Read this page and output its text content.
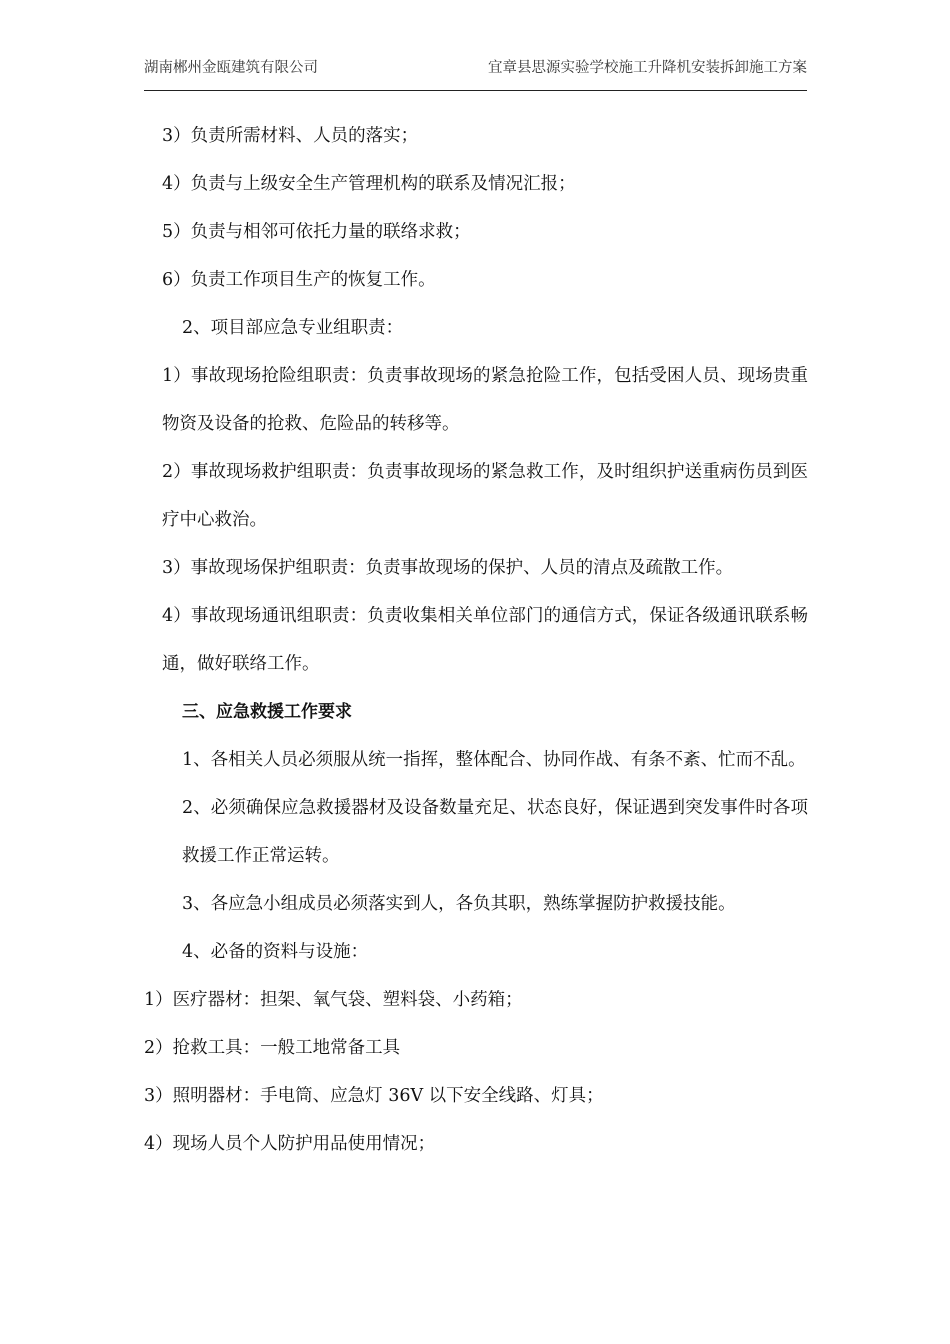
湖南郴州金瓯建筑有限公司	宜章县思源实验学校施工升降机安装拆卸施工方案

3）负责所需材料、人员的落实；

4）负责与上级安全生产管理机构的联系及情况汇报；

5）负责与相邻可依托力量的联络求救；

6）负责工作项目生产的恢复工作。

2、项目部应急专业组职责：

1）事故现场抢险组职责：负责事故现场的紧急抢险工作，包括受困人员、现场贵重物资及设备的抢救、危险品的转移等。

2）事故现场救护组职责：负责事故现场的紧急救工作，及时组织护送重病伤员到医疗中心救治。

3）事故现场保护组职责：负责事故现场的保护、人员的清点及疏散工作。

4）事故现场通讯组职责：负责收集相关单位部门的通信方式，保证各级通讯联系畅通，做好联络工作。

三、应急救援工作要求

1、各相关人员必须服从统一指挥，整体配合、协同作战、有条不紊、忙而不乱。

2、必须确保应急救援器材及设备数量充足、状态良好，保证遇到突发事件时各项救援工作正常运转。

3、各应急小组成员必须落实到人，各负其职，熟练掌握防护救援技能。

4、必备的资料与设施：

1）医疗器材：担架、氧气袋、塑料袋、小药箱；

2）抢救工具：一般工地常备工具

3）照明器材：手电筒、应急灯 36V 以下安全线路、灯具；

4）现场人员个人防护用品使用情况；
